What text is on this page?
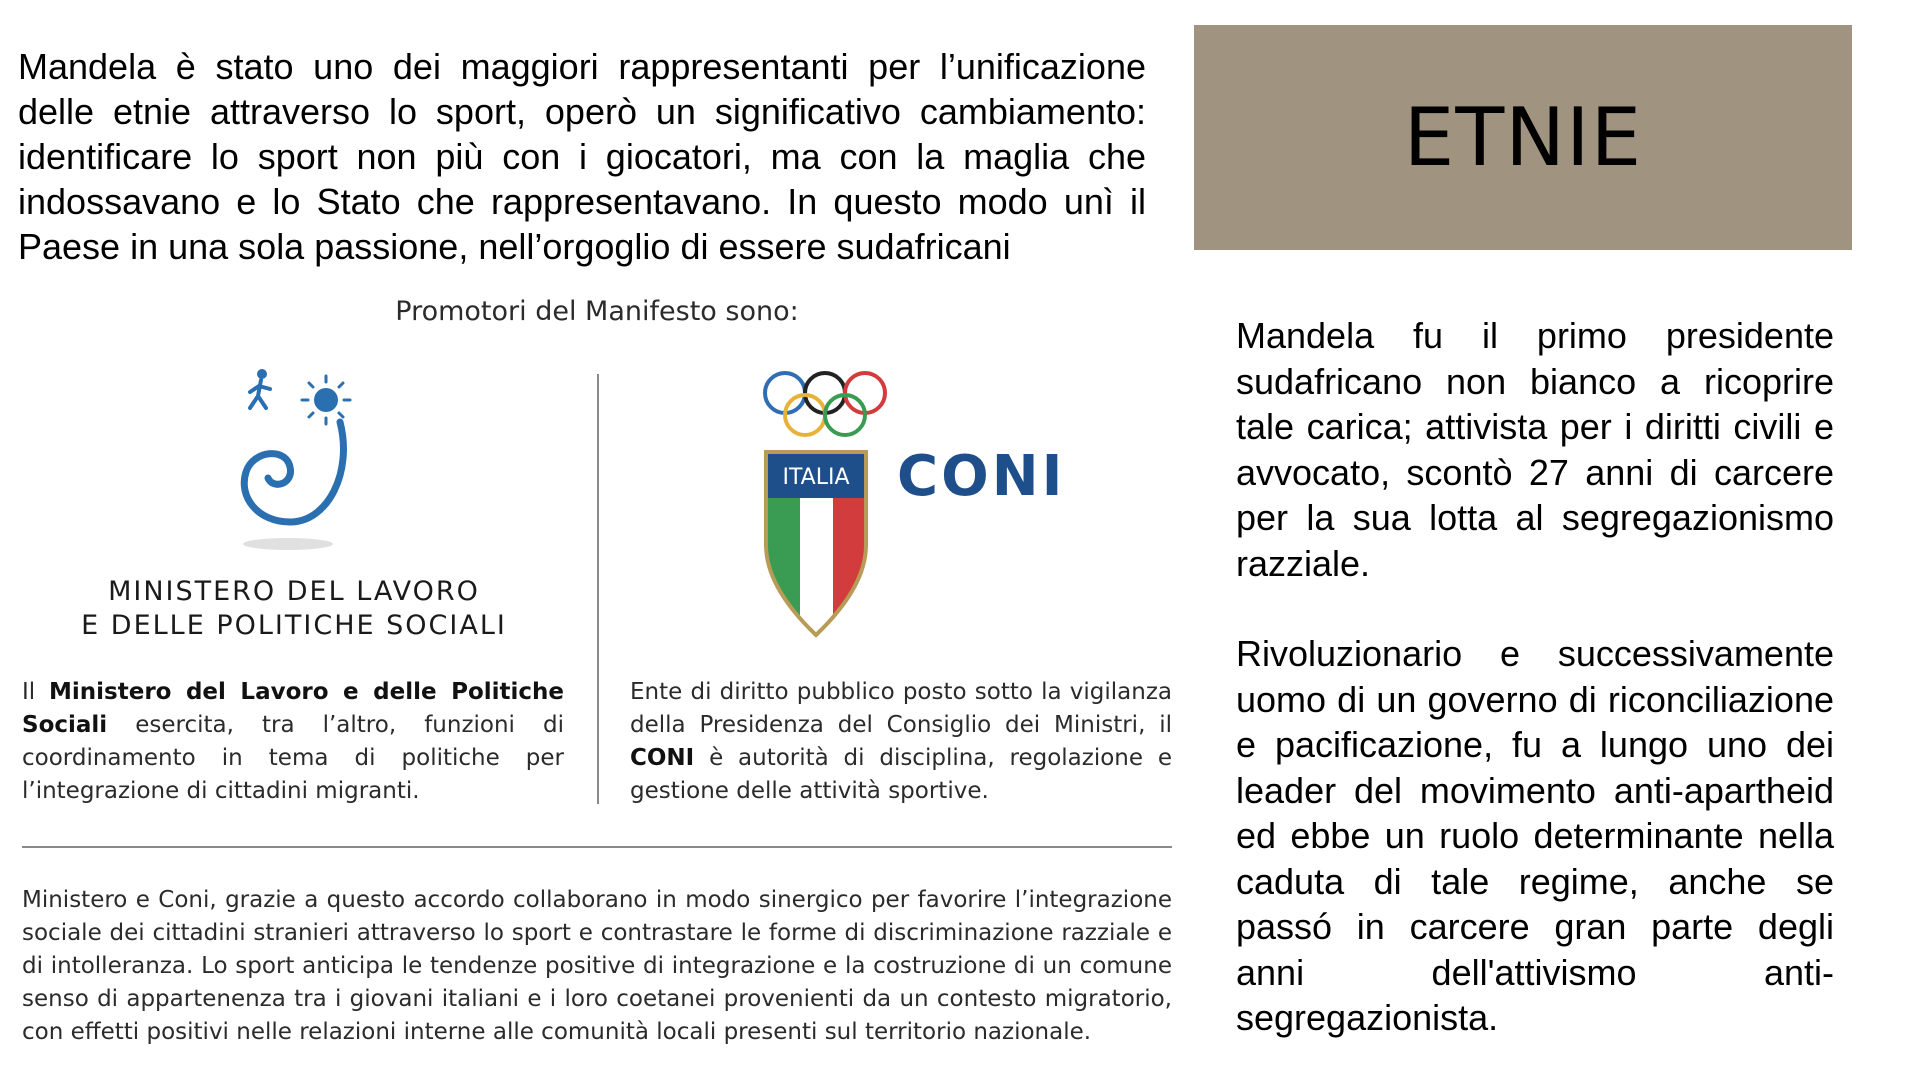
Mandela è stato uno dei maggiori rappresentanti per l’unificazione delle etnie attraverso lo sport, operò un significativo cambiamento: identificare lo sport non più con i giocatori, ma con la maglia che indossavano e lo Stato che rappresentavano. In questo modo unì il Paese in una sola passione, nell’orgoglio di essere sudafricani

ETNIE

Mandela fu il primo presidente sudafricano non bianco a ricoprire tale carica; attivista per i diritti civili e avvocato, scontò 27 anni di carcere per la sua lotta al segregazionismo razziale.

Rivoluzionario e successivamente uomo di un governo di riconciliazione e pacificazione, fu a lungo uno dei leader del movimento anti-apartheid ed ebbe un ruolo determinante nella caduta di tale regime, anche se passó in carcere gran parte degli anni dell'attivismo anti-segregazionista.

Promotori del Manifesto sono:

MINISTERO DEL LAVORO
E DELLE POLITICHE SOCIALI
ITALIA CONI

Il Ministero del Lavoro e delle Politiche Sociali esercita, tra l’altro, funzioni di coordinamento in tema di politiche per l’integrazione di cittadini migranti.

Ente di diritto pubblico posto sotto la vigilanza della Presidenza del Consiglio dei Ministri, il CONI è autorità di disciplina, regolazione e gestione delle attività sportive.

Ministero e Coni, grazie a questo accordo collaborano in modo sinergico per favorire l’integrazione sociale dei cittadini stranieri attraverso lo sport e contrastare le forme di discriminazione razziale e di intolleranza. Lo sport anticipa le tendenze positive di integrazione e la costruzione di un comune senso di appartenenza tra i giovani italiani e i loro coetanei provenienti da un contesto migratorio, con effetti positivi nelle relazioni interne alle comunità locali presenti sul territorio nazionale.
